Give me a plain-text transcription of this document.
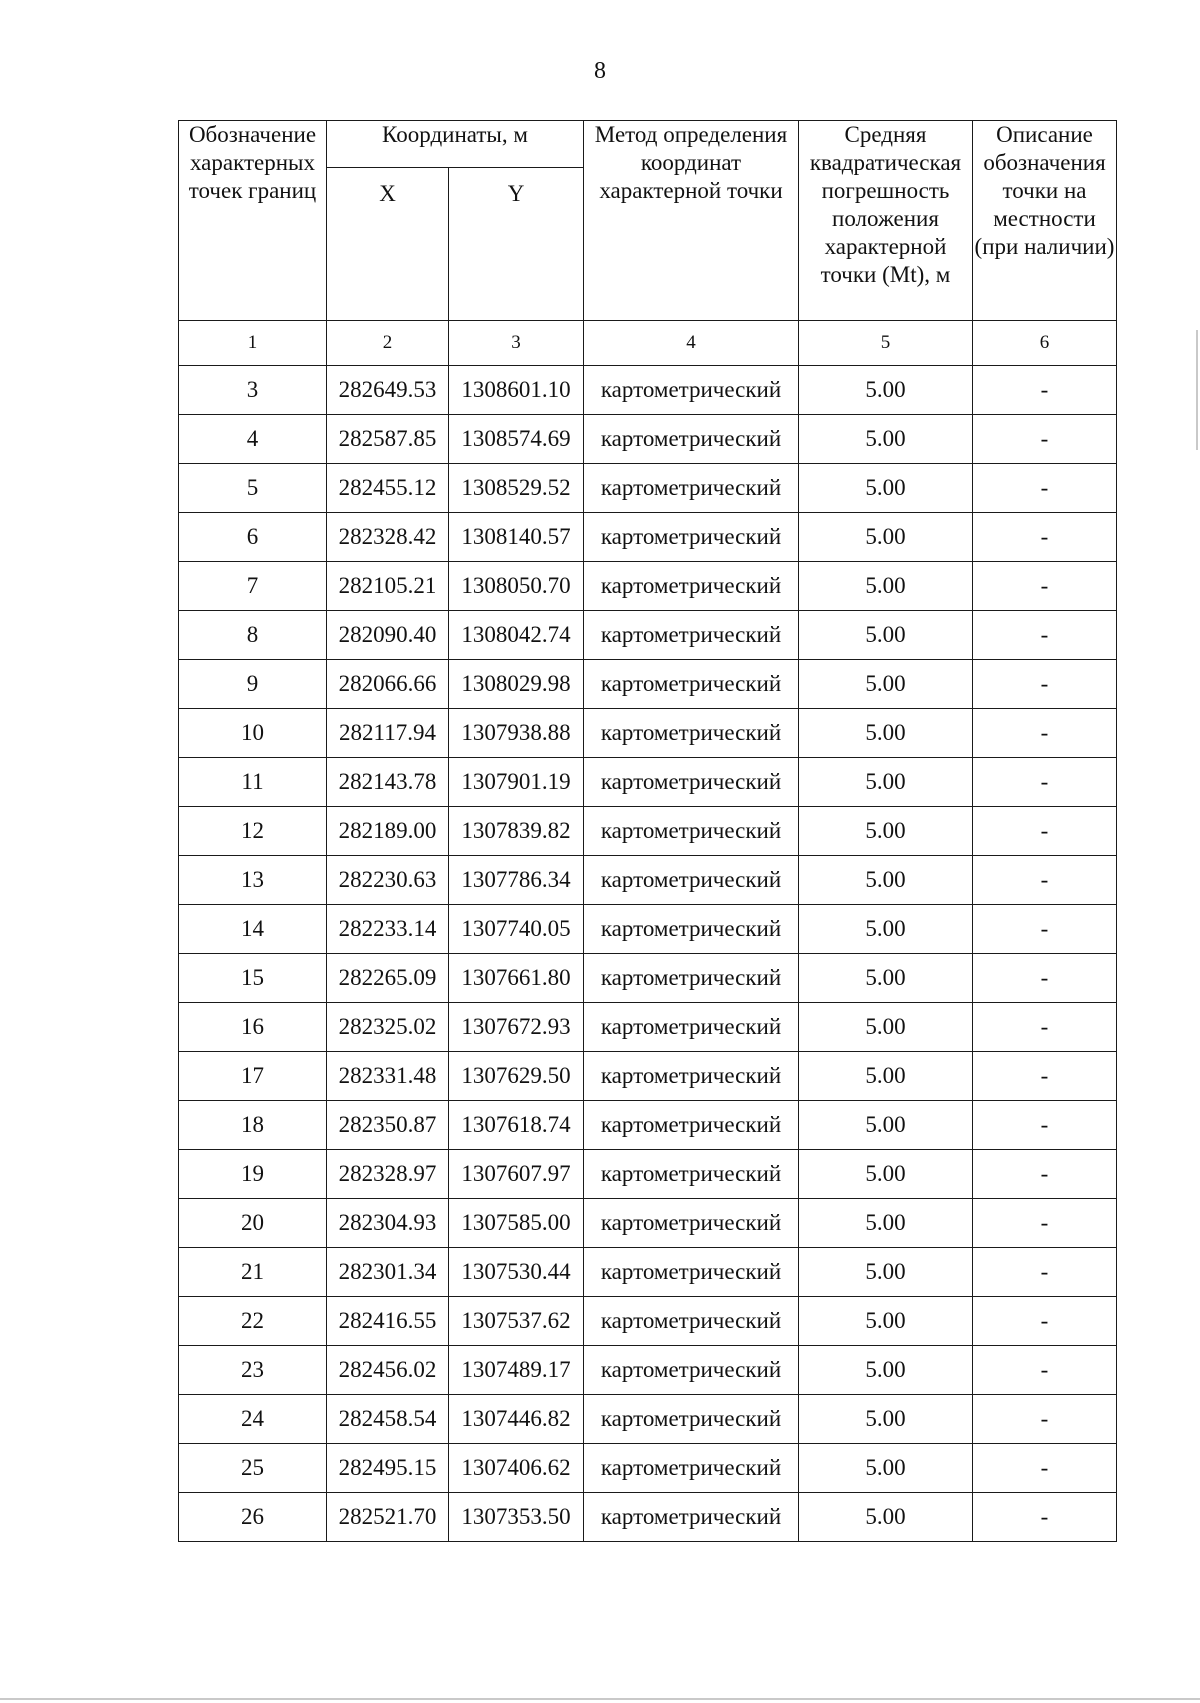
8
Обозначение характерных точек границ	Координаты, м		Метод определения координат характерной точки	Средняя квадратическая погрешность положения характерной точки (Mt), м	Описание обозначения точки на местности (при наличии)

	X	Y			
1	2	3	4	5	6
3	282649.53	1308601.10	картометрический	5.00	-
4	282587.85	1308574.69	картометрический	5.00	-
5	282455.12	1308529.52	картометрический	5.00	-
6	282328.42	1308140.57	картометрический	5.00	-
7	282105.21	1308050.70	картометрический	5.00	-
8	282090.40	1308042.74	картометрический	5.00	-
9	282066.66	1308029.98	картометрический	5.00	-
10	282117.94	1307938.88	картометрический	5.00	-
11	282143.78	1307901.19	картометрический	5.00	-
12	282189.00	1307839.82	картометрический	5.00	-
13	282230.63	1307786.34	картометрический	5.00	-
14	282233.14	1307740.05	картометрический	5.00	-
15	282265.09	1307661.80	картометрический	5.00	-
16	282325.02	1307672.93	картометрический	5.00	-
17	282331.48	1307629.50	картометрический	5.00	-
18	282350.87	1307618.74	картометрический	5.00	-
19	282328.97	1307607.97	картометрический	5.00	-
20	282304.93	1307585.00	картометрический	5.00	-
21	282301.34	1307530.44	картометрический	5.00	-
22	282416.55	1307537.62	картометрический	5.00	-
23	282456.02	1307489.17	картометрический	5.00	-
24	282458.54	1307446.82	картометрический	5.00	-
25	282495.15	1307406.62	картометрический	5.00	-
26	282521.70	1307353.50	картометрический	5.00	-
